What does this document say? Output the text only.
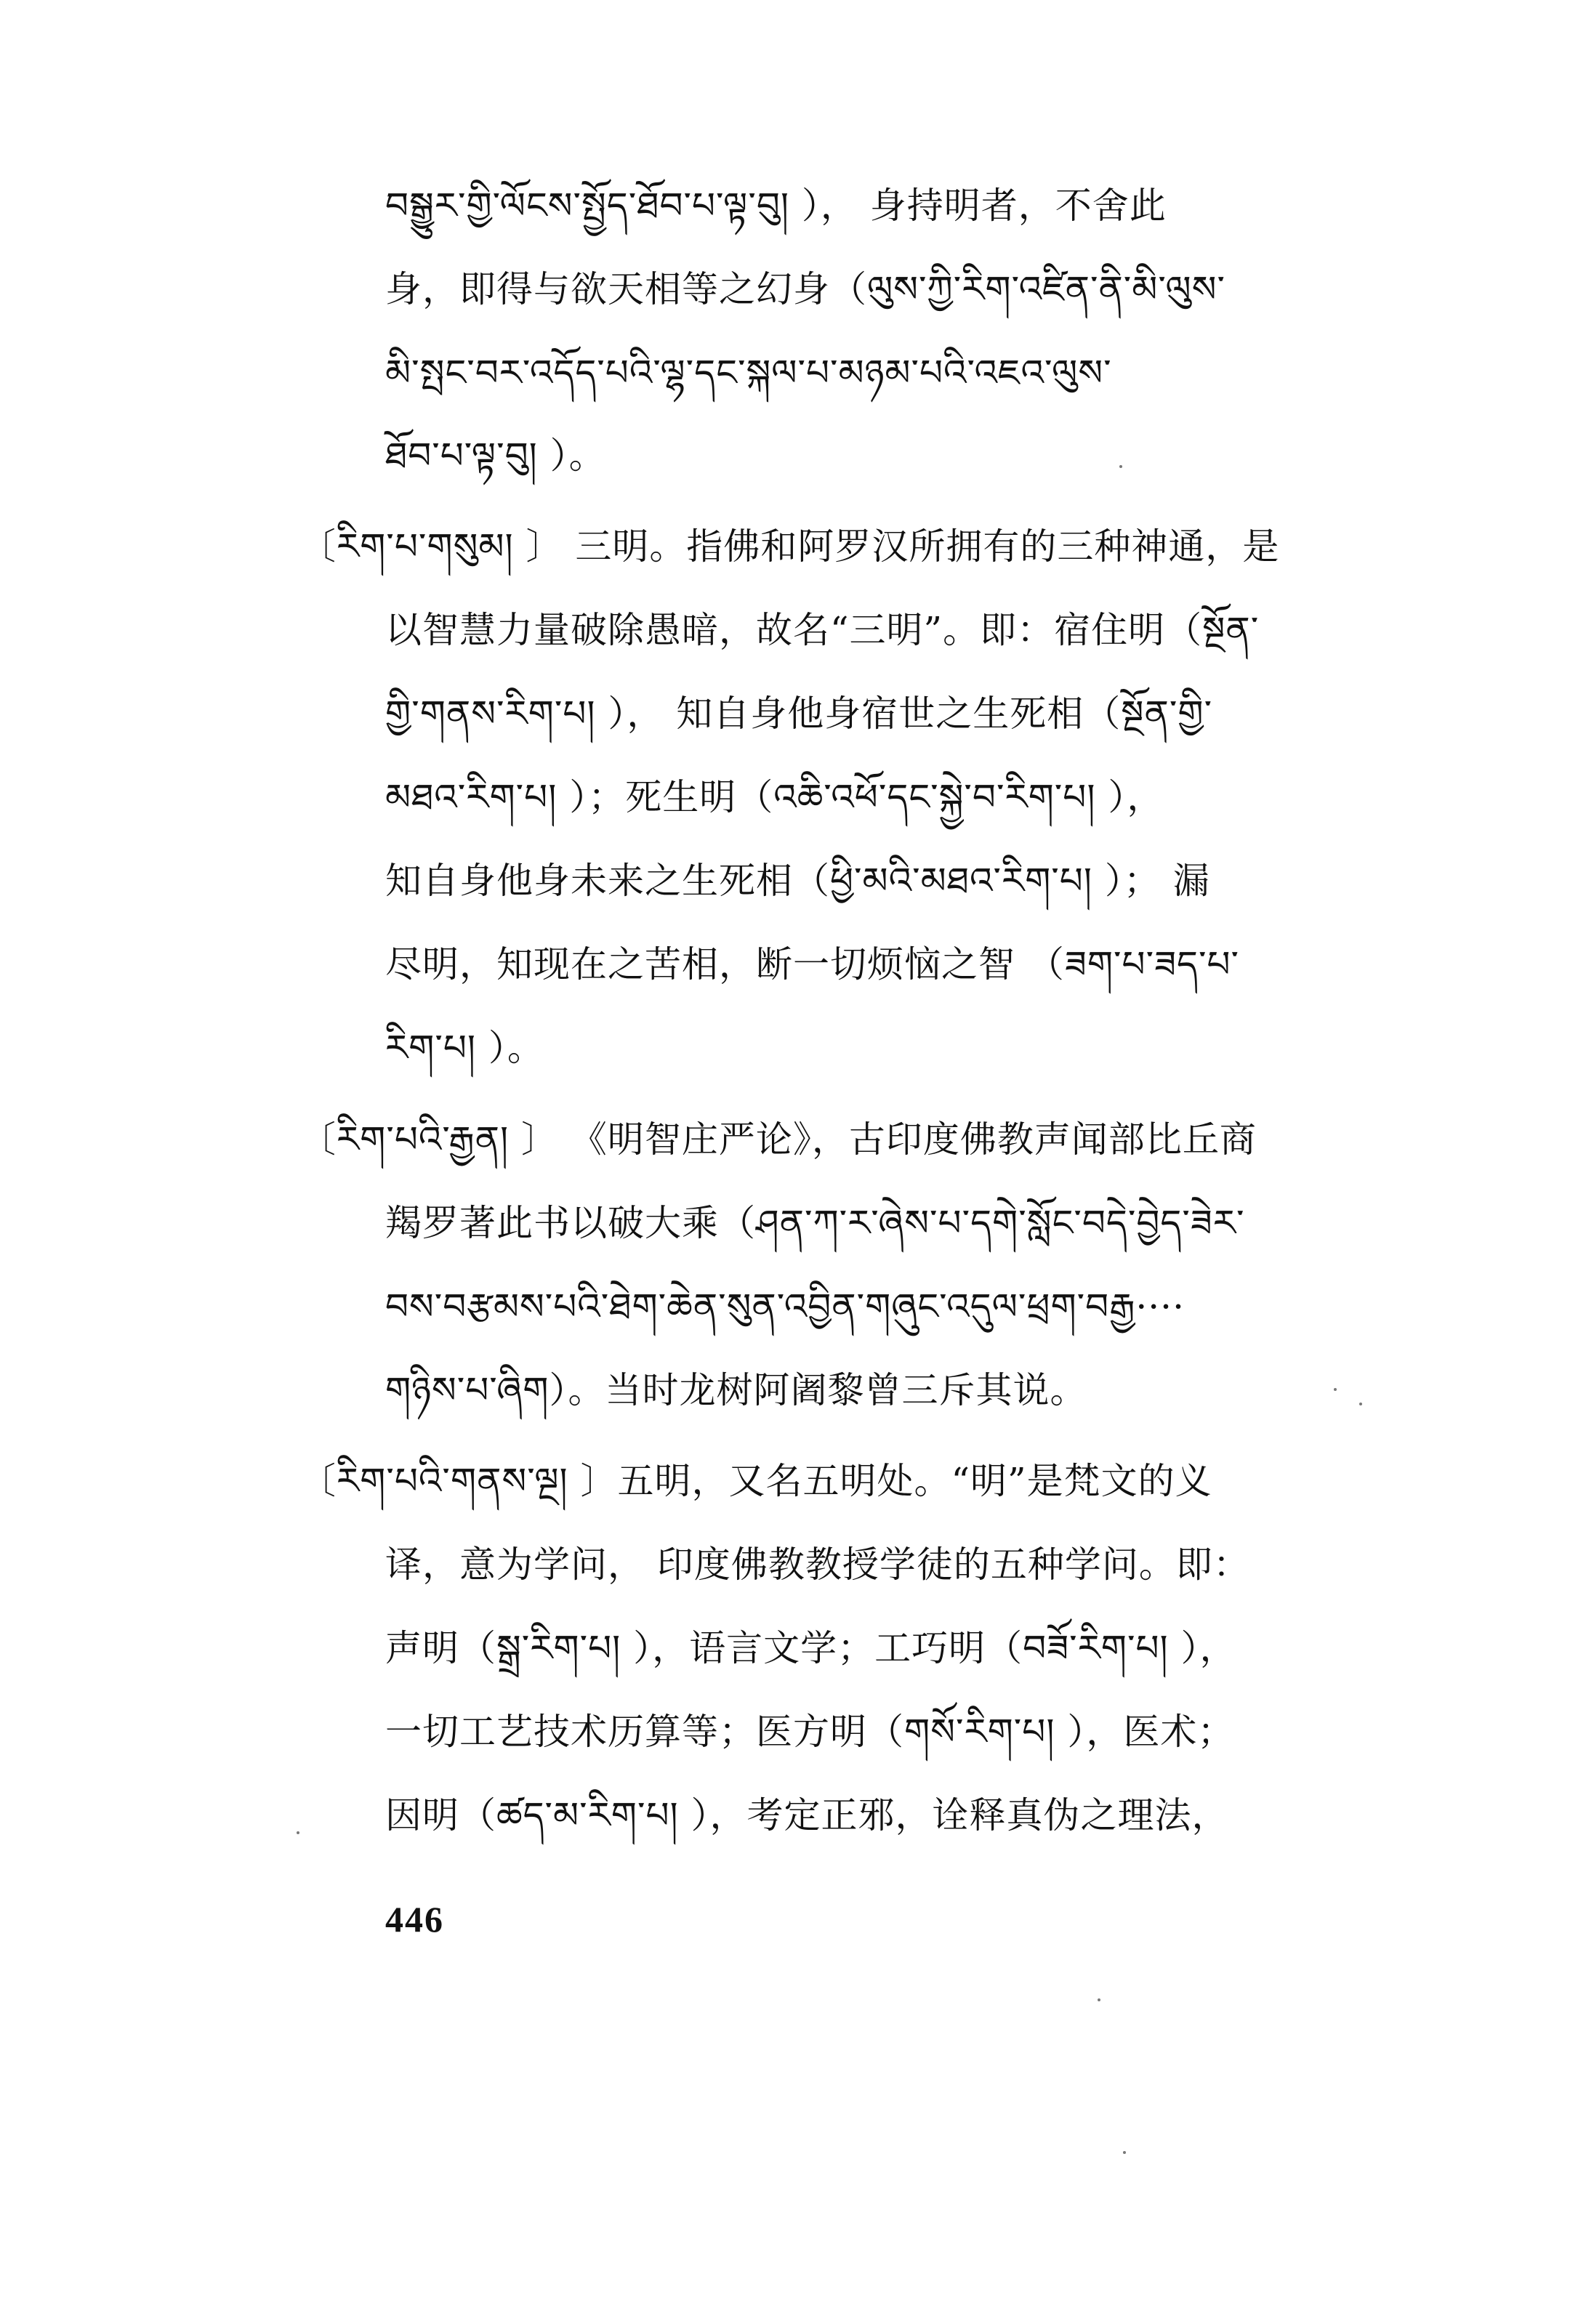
བསྒྱུར་གྱི་ལོངས་སྤྱོད་ཐོབ་པ་ལྟ་བུ། ）， 身持明者，不舍此
身，即得与欲天相等之幻身（ལུས་ཀྱི་རིག་འཛིན་ནི་མི་ལུས་
མི་སྤང་བར་འདོད་པའི་ལྷ་དང་སྐལ་པ་མཉམ་པའི་འཇའ་ལུས་
ཐོབ་པ་ལྟ་བུ། ）。
〔རིག་པ་གསུམ། 〕 三明。指佛和阿罗汉所拥有的三种神通，是
以智慧力量破除愚暗，故名“三明”。即：宿住明（སྔོན་
གྱི་གནས་རིག་པ། ）， 知自身他身宿世之生死相（སྔོན་གྱི་
མཐའ་རིག་པ། ）；死生明（འཆི་འཕོ་དང་སྐྱེ་བ་རིག་པ། ），
知自身他身未来之生死相（ཕྱི་མའི་མཐའ་རིག་པ། ）； 漏
尽明，知现在之苦相，断一切烦恼之智 （ཟག་པ་ཟད་པ་
རིག་པ། ）。
〔རིག་པའི་རྒྱན། 〕 《明智庄严论》，古印度佛教声闻部比丘商
羯罗著此书以破大乘（ཤན་ཀ་ར་ཞེས་པ་དགེ་སློང་བདེ་བྱེད་ཟེར་
བས་བརྩམས་པའི་ཐེག་ཆེན་སུན་འབྱིན་གཞུང་འདུལ་ཕྲག་བརྒྱ····
གཉིས་པ་ཞིག）。当时龙树阿阇黎曾三斥其说。
〔རིག་པའི་གནས་ལྔ། 〕五明，又名五明处。“明”是梵文的义
译，意为学问， 印度佛教教授学徒的五种学问。即：
声明（སྒྲ་རིག་པ། ），语言文学；工巧明（བཟོ་རིག་པ། ），
一切工艺技术历算等；医方明（གསོ་རིག་པ། ），医术；
因明（ཚད་མ་རིག་པ། ），考定正邪，诠释真伪之理法，
446
